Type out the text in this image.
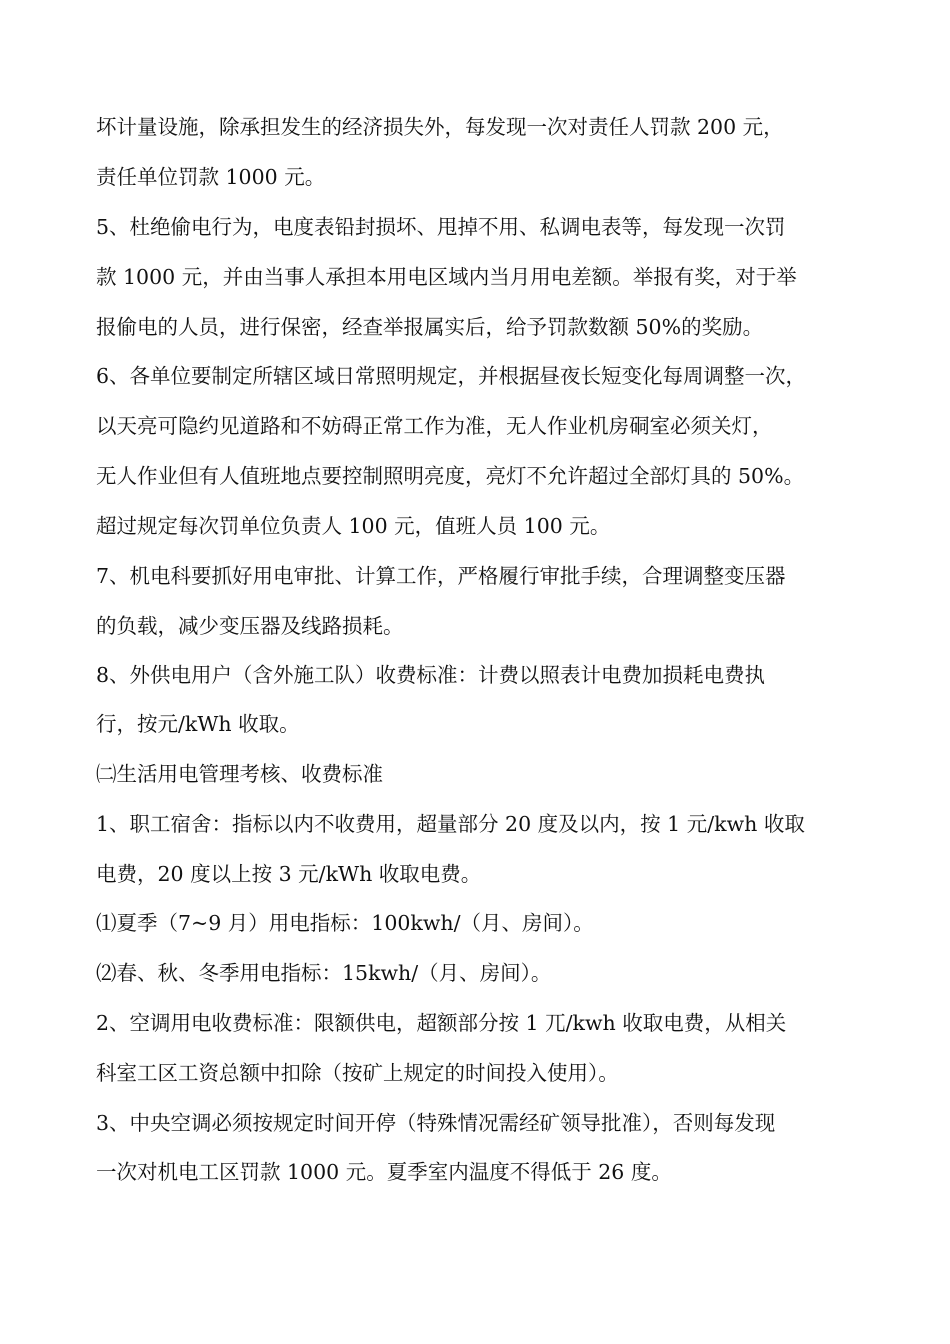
坏计量设施，除承担发生的经济损失外，每发现一次对责任人罚款 200 元，
责任单位罚款 1000 元。
5、杜绝偷电行为，电度表铅封损坏、甩掉不用、私调电表等，每发现一次罚
款 1000 元，并由当事人承担本用电区域内当月用电差额。举报有奖，对于举
报偷电的人员，进行保密，经查举报属实后，给予罚款数额 50%的奖励。
6、各单位要制定所辖区域日常照明规定，并根据昼夜长短变化每周调整一次，
以天亮可隐约见道路和不妨碍正常工作为准，无人作业机房硐室必须关灯，
无人作业但有人值班地点要控制照明亮度，亮灯不允许超过全部灯具的 50%。
超过规定每次罚单位负责人 100 元，值班人员 100 元。
7、机电科要抓好用电审批、计算工作，严格履行审批手续，合理调整变压器
的负载，减少变压器及线路损耗。
8、外供电用户（含外施工队）收费标准：计费以照表计电费加损耗电费执
行，按元/kWh 收取。
㈡生活用电管理考核、收费标准
1、职工宿舍：指标以内不收费用，超量部分 20 度及以内，按 1 元/kwh 收取
电费，20 度以上按 3 元/kWh 收取电费。
⑴夏季（7~9 月）用电指标：100kwh/（月、房间）。
⑵春、秋、冬季用电指标：15kwh/（月、房间）。
2、空调用电收费标准：限额供电，超额部分按 1 兀/kwh 收取电费，从相关
科室工区工资总额中扣除（按矿上规定的时间投入使用）。
3、中央空调必须按规定时间开停（特殊情况需经矿领导批准），否则每发现
一次对机电工区罚款 1000 元。夏季室内温度不得低于 26 度。
